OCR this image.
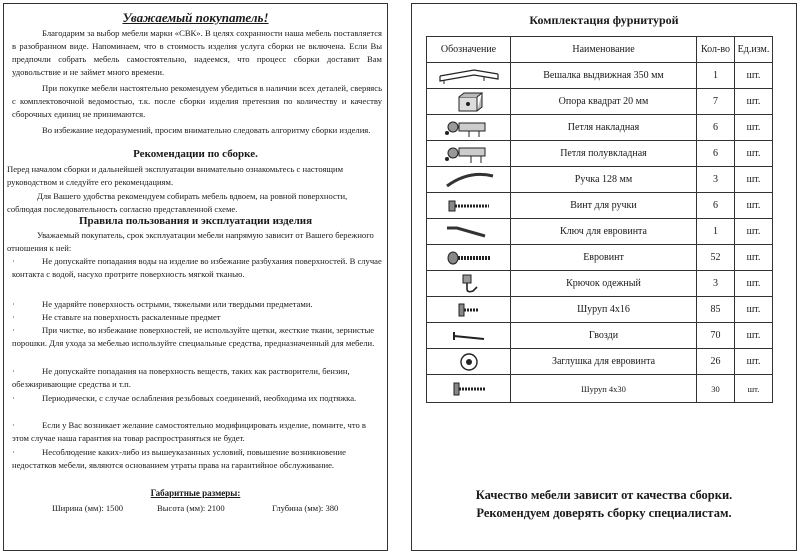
Уважаемый покупатель!

Благодарим за выбор мебели марки «СВК». В целях сохранности наша мебель поставляется в разобранном виде. Напоминаем, что в стоимость изделия услуга сборки не включена. Если Вы предпочли собрать мебель самостоятельно, надеемся, что процесс сборки доставит Вам удовольствие и не займет много времени.

При покупке мебели настоятельно рекомендуем убедиться в наличии всех деталей, сверяясь с комплектовочной ведомостью, т.к. после сборки изделия претензия по количеству и качеству сборочных единиц не принимаются.

Во избежание недоразумений, просим внимательно следовать алгоритму сборки изделия.

Рекомендации по сборке.

Перед началом сборки и дальнейшей эксплуатации внимательно ознакомьтесь с настоящим руководством и следуйте его рекомендациям.

Для Вашего удобства рекомендуем собирать мебель вдвоем, на ровной поверхности, соблюдая последовательность согласно представленной схеме.

Правила пользования и эксплуатации изделия

Уважаемый покупатель, срок эксплуатации мебели напрямую зависит от Вашего бережного отношения к ней:

·	Не допускайте попадания воды на изделие во избежание разбухания поверхностей. В случае контакта с водой, насухо протрите поверхность мягкой тканью.

·	Не ударяйте поверхность острыми, тяжелыми или твердыми предметами.

·	Не ставьте на поверхность раскаленные предмет

·	При чистке, во избежание поверхностей, не используйте щетки, жесткие ткани, зернистые порошки. Для ухода за мебелью используйте специальные средства, предназначенный для мебели.

·	Не допускайте попадания на поверхность веществ, таких как растворители, бензин, обезжиривающие средства и т.п.

·	Периодически, с случае ослабления резьбовых соединений, необходима их подтяжка.

·	Если у Вас возникает желание самостоятельно модифицировать изделие, помните, что в этом случае наша гарантия на товар распространяться не будет.

·	Несоблюдение каких-либо из вышеуказанных условий, повышение возникновение недостатков мебели, являются основанием утраты права на гарантийное обслуживание.

Габаритные размеры:
Ширина (мм): 1500	Высота (мм): 2100	Глубина (мм): 380
Комплектация фурнитурой
Обозначение	Наименование	Кол-во	Ед.изм.

	Вешалка выдвижная 350 мм	1	шт.

	Опора квадрат 20 мм	7	шт.

	Петля накладная	6	шт.

	Петля полувкладная	6	шт.

	Ручка 128 мм	3	шт.

	Винт для ручки	6	шт.

	Ключ для евровинта	1	шт.

	Евровинт	52	шт.

	Крючок одежный	3	шт.

	Шуруп 4х16	85	шт.

	Гвозди	70	шт.

	Заглушка для евровинта	26	шт.

	Шуруп 4х30	30	шт.
Качество мебели зависит от качества сборки.
Рекомендуем доверять сборку специалистам.
